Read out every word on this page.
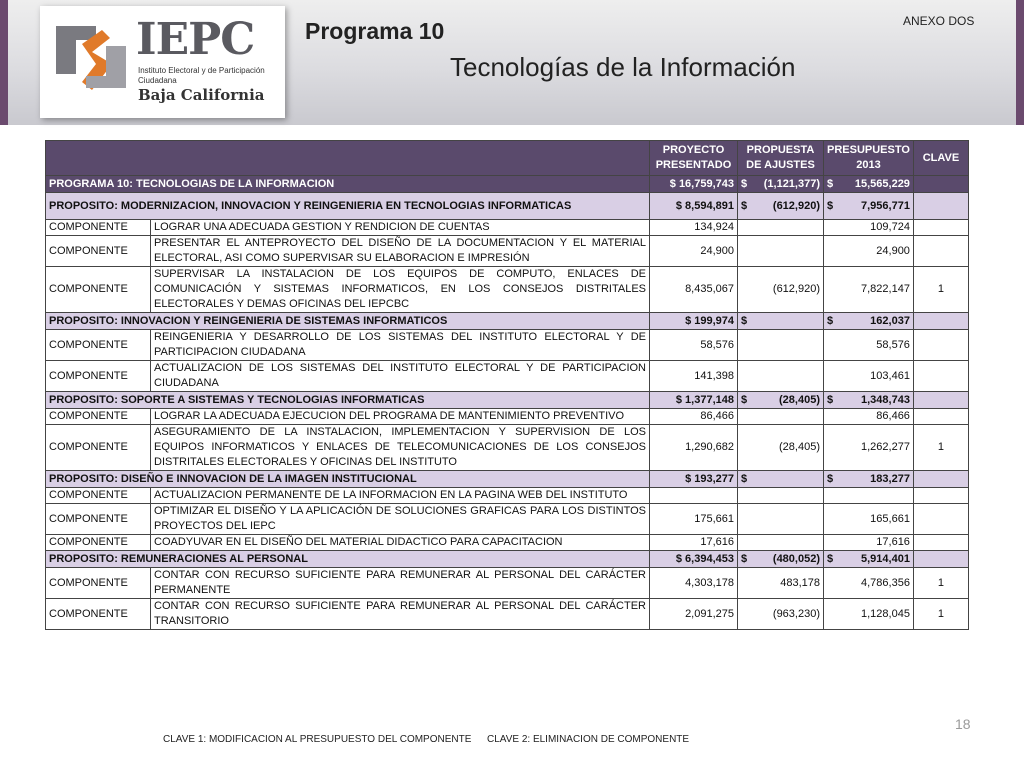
IEPC
Instituto Electoral y de Participación Ciudadana
Baja California
Programa 10
Tecnologías de la Información
ANEXO DOS
		PROYECTO PRESENTADO	PROPUESTA DE AJUSTES	PRESUPUESTO 2013	CLAVE
PROGRAMA 10: TECNOLOGIAS DE LA INFORMACION		$ 16,759,743	$ (1,121,377)	$ 15,565,229	
PROPOSITO: MODERNIZACION, INNOVACION Y REINGENIERIA EN TECNOLOGIAS INFORMATICAS		$ 8,594,891	$ (612,920)	$ 7,956,771	
COMPONENTE	LOGRAR UNA ADECUADA GESTION Y RENDICION DE CUENTAS	134,924		109,724	
COMPONENTE	PRESENTAR EL ANTEPROYECTO DEL DISEÑO DE LA DOCUMENTACION Y EL MATERIAL ELECTORAL, ASI COMO SUPERVISAR SU ELABORACION E IMPRESIÓN	24,900		24,900	
COMPONENTE	SUPERVISAR LA INSTALACION DE LOS EQUIPOS DE COMPUTO, ENLACES DE COMUNICACIÓN Y SISTEMAS INFORMATICOS, EN LOS CONSEJOS DISTRITALES ELECTORALES Y DEMAS OFICINAS DEL IEPCBC	8,435,067	(612,920)	7,822,147	1
PROPOSITO: INNOVACION Y REINGENIERIA DE SISTEMAS INFORMATICOS		$ 199,974	$	$ 162,037	
COMPONENTE	REINGENIERIA Y DESARROLLO DE LOS SISTEMAS DEL INSTITUTO ELECTORAL Y DE PARTICIPACION CIUDADANA	58,576		58,576	
COMPONENTE	ACTUALIZACION DE LOS SISTEMAS DEL INSTITUTO ELECTORAL Y DE PARTICIPACION CIUDADANA	141,398		103,461	
PROPOSITO: SOPORTE A SISTEMAS Y TECNOLOGIAS INFORMATICAS		$ 1,377,148	$ (28,405)	$ 1,348,743	
COMPONENTE	LOGRAR LA ADECUADA EJECUCION DEL PROGRAMA DE MANTENIMIENTO PREVENTIVO	86,466		86,466	
COMPONENTE	ASEGURAMIENTO DE LA INSTALACION, IMPLEMENTACION Y SUPERVISION DE LOS EQUIPOS INFORMATICOS Y ENLACES DE TELECOMUNICACIONES DE LOS CONSEJOS DISTRITALES ELECTORALES Y OFICINAS DEL INSTITUTO	1,290,682	(28,405)	1,262,277	1
PROPOSITO: DISEÑO E INNOVACION DE LA IMAGEN INSTITUCIONAL		$ 193,277	$	$ 183,277	
COMPONENTE	ACTUALIZACION PERMANENTE DE LA INFORMACION EN LA PAGINA WEB DEL INSTITUTO				
COMPONENTE	OPTIMIZAR EL DISEÑO Y LA APLICACIÓN DE SOLUCIONES GRAFICAS PARA LOS DISTINTOS PROYECTOS DEL IEPC	175,661		165,661	
COMPONENTE	COADYUVAR EN EL DISEÑO DEL MATERIAL DIDACTICO PARA CAPACITACION	17,616		17,616	
PROPOSITO: REMUNERACIONES AL PERSONAL		$ 6,394,453	$ (480,052)	$ 5,914,401	
COMPONENTE	CONTAR CON RECURSO SUFICIENTE PARA REMUNERAR AL PERSONAL DEL CARÁCTER PERMANENTE	4,303,178	483,178	4,786,356	1
COMPONENTE	CONTAR CON RECURSO SUFICIENTE PARA REMUNERAR AL PERSONAL DEL CARÁCTER TRANSITORIO	2,091,275	(963,230)	1,128,045	1
18
CLAVE 1: MODIFICACION AL PRESUPUESTO DEL COMPONENTE CLAVE 2: ELIMINACION DE COMPONENTE
